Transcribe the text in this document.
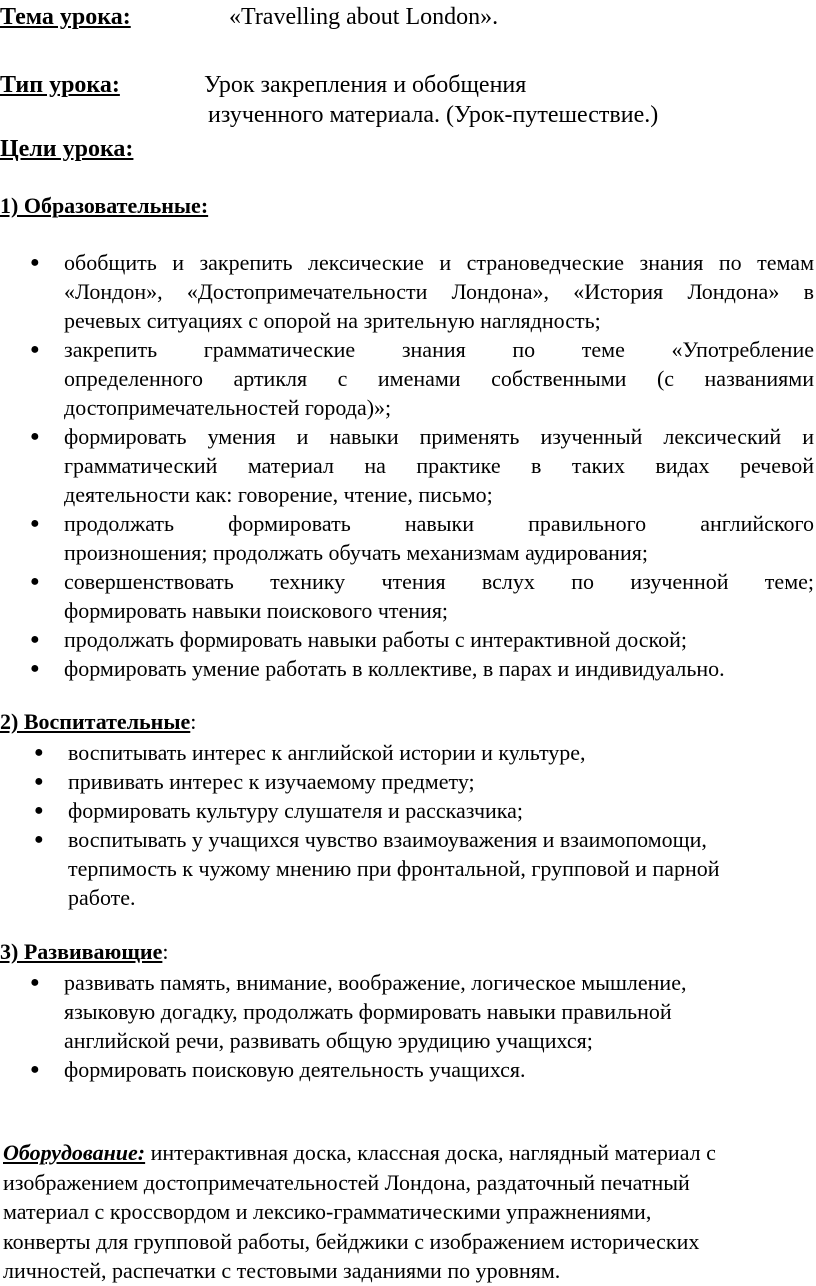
Тема урока:	«Travelling about London».
Тип урока:	Урок закрепления и обобщения
изученного материала. (Урок-путешествие.)
Цели урока:
1) Образовательные:
● обобщить и закрепить лексические и страноведческие знания по темам
«Лондон», «Достопримечательности Лондона», «История Лондона» в
речевых ситуациях с опорой на зрительную наглядность;
● закрепить грамматические знания по теме «Употребление
определенного артикля с именами собственными (с названиями
достопримечательностей города)»;
● формировать умения и навыки применять изученный лексический и
грамматический материал на практике в таких видах речевой
деятельности как: говорение, чтение, письмо;
● продолжать формировать навыки правильного английского
произношения; продолжать обучать механизмам аудирования;
● совершенствовать технику чтения вслух по изученной теме;
формировать навыки поискового чтения;
● продолжать формировать навыки работы с интерактивной доской;
● формировать умение работать в коллективе, в парах и индивидуально.
2) Воспитательные:
● воспитывать интерес к английской истории и культуре,
● прививать интерес к изучаемому предмету;
● формировать культуру слушателя и рассказчика;
● воспитывать у учащихся чувство взаимоуважения и взаимопомощи,
терпимость к чужому мнению при фронтальной, групповой и парной
работе.
3) Развивающие:
● развивать память, внимание, воображение, логическое мышление,
языковую догадку, продолжать формировать навыки правильной
английской речи, развивать общую эрудицию учащихся;
● формировать поисковую деятельность учащихся.
Оборудование: интерактивная доска, классная доска, наглядный материал с
изображением достопримечательностей Лондона, раздаточный печатный
материал с кроссвордом и лексико-грамматическими упражнениями,
конверты для групповой работы, бейджики с изображением исторических
личностей, распечатки с тестовыми заданиями по уровням.
